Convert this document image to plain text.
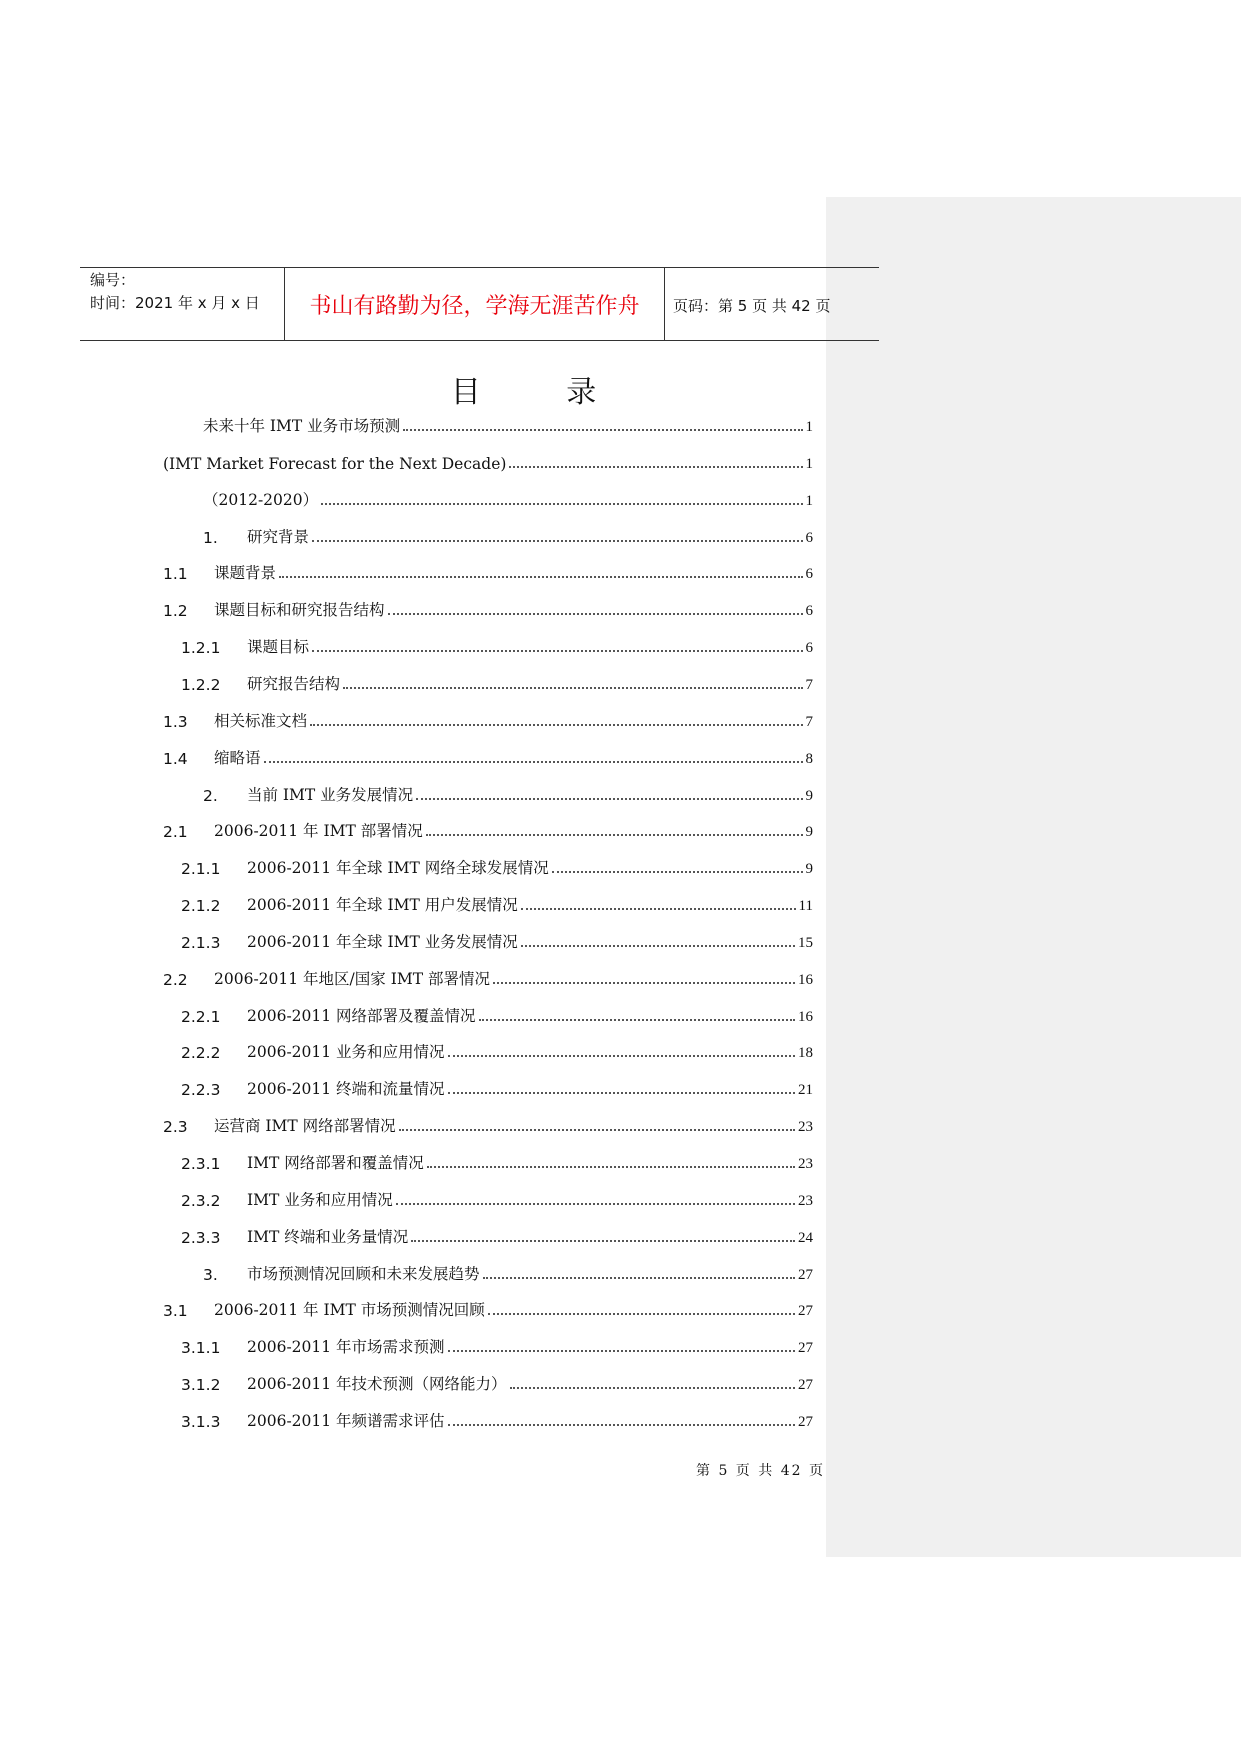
编号：
时间：2021 年 x 月 x 日	书山有路勤为径，学海无涯苦作舟	页码：第 5 页 共 42 页
目 录
未来十年 IMT 业务市场预测	1
(IMT Market Forecast for the Next Decade)	1
（2012-2020）	1
1.	研究背景	6
1.1	课题背景	6
1.2	课题目标和研究报告结构	6
1.2.1	课题目标	6
1.2.2	研究报告结构	7
1.3	相关标准文档	7
1.4	缩略语	8
2.	当前 IMT 业务发展情况	9
2.1	2006-2011 年 IMT 部署情况	9
2.1.1	2006-2011 年全球 IMT 网络全球发展情况	9
2.1.2	2006-2011 年全球 IMT 用户发展情况	11
2.1.3	2006-2011 年全球 IMT 业务发展情况	15
2.2	2006-2011 年地区/国家 IMT 部署情况	16
2.2.1	2006-2011 网络部署及覆盖情况	16
2.2.2	2006-2011 业务和应用情况	18
2.2.3	2006-2011 终端和流量情况	21
2.3	运营商 IMT 网络部署情况	23
2.3.1	IMT 网络部署和覆盖情况	23
2.3.2	IMT 业务和应用情况	23
2.3.3	IMT 终端和业务量情况	24
3.	市场预测情况回顾和未来发展趋势	27
3.1	2006-2011 年 IMT 市场预测情况回顾	27
3.1.1	2006-2011 年市场需求预测	27
3.1.2	2006-2011 年技术预测（网络能力）	27
3.1.3	2006-2011 年频谱需求评估	27
第 5 页 共 42 页
